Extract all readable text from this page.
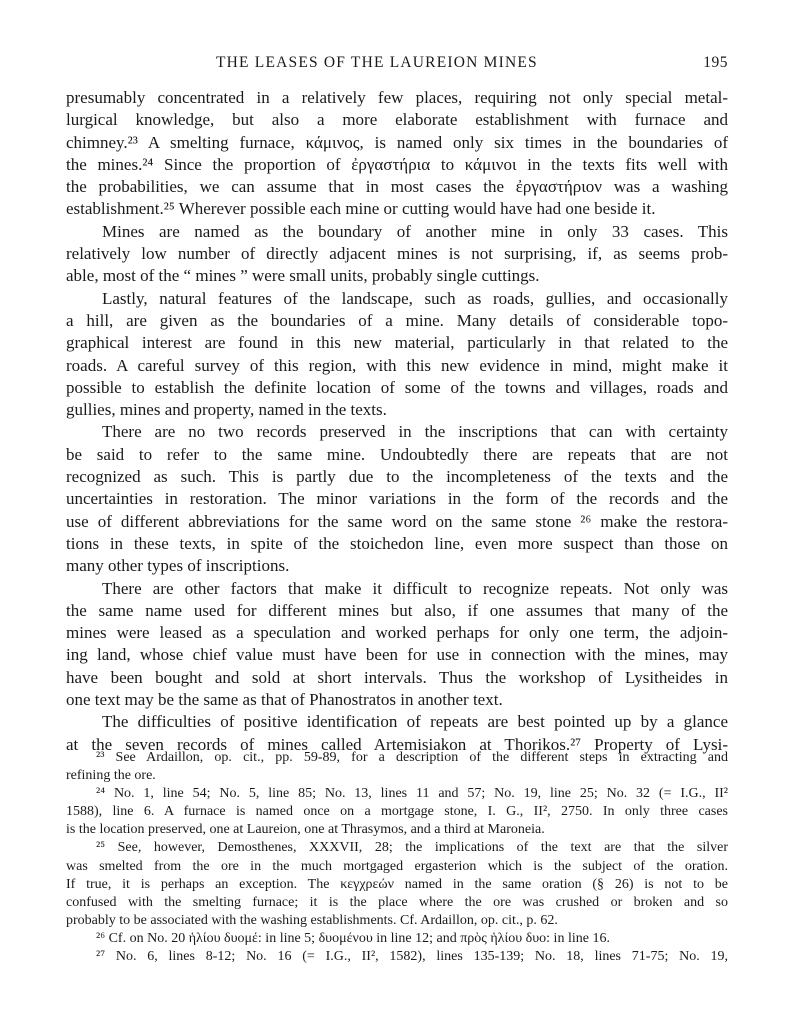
THE LEASES OF THE LAUREION MINES	195
presumably concentrated in a relatively few places, requiring not only special metal-
lurgical knowledge, but also a more elaborate establishment with furnace and
chimney.²³ A smelting furnace, κάμινος, is named only six times in the boundaries of
the mines.²⁴ Since the proportion of ἐργαστήρια to κάμινοι in the texts fits well with
the probabilities, we can assume that in most cases the ἐργαστήριον was a washing
establishment.²⁵ Wherever possible each mine or cutting would have had one beside it.
Mines are named as the boundary of another mine in only 33 cases. This
relatively low number of directly adjacent mines is not surprising, if, as seems prob-
able, most of the “ mines ” were small units, probably single cuttings.
Lastly, natural features of the landscape, such as roads, gullies, and occasionally
a hill, are given as the boundaries of a mine. Many details of considerable topo-
graphical interest are found in this new material, particularly in that related to the
roads. A careful survey of this region, with this new evidence in mind, might make it
possible to establish the definite location of some of the towns and villages, roads and
gullies, mines and property, named in the texts.
There are no two records preserved in the inscriptions that can with certainty
be said to refer to the same mine. Undoubtedly there are repeats that are not
recognized as such. This is partly due to the incompleteness of the texts and the
uncertainties in restoration. The minor variations in the form of the records and the
use of different abbreviations for the same word on the same stone ²⁶ make the restora-
tions in these texts, in spite of the stoichedon line, even more suspect than those on
many other types of inscriptions.
There are other factors that make it difficult to recognize repeats. Not only was
the same name used for different mines but also, if one assumes that many of the
mines were leased as a speculation and worked perhaps for only one term, the adjoin-
ing land, whose chief value must have been for use in connection with the mines, may
have been bought and sold at short intervals. Thus the workshop of Lysitheides in
one text may be the same as that of Phanostratos in another text.
The difficulties of positive identification of repeats are best pointed up by a glance
at the seven records of mines called Artemisiakon at Thorikos.²⁷ Property of Lysi-
²³ See Ardaillon, op. cit., pp. 59-89, for a description of the different steps in extracting and
refining the ore.
²⁴ No. 1, line 54; No. 5, line 85; No. 13, lines 11 and 57; No. 19, line 25; No. 32 (= I.G., II²
1588), line 6. A furnace is named once on a mortgage stone, I. G., II², 2750. In only three cases
is the location preserved, one at Laureion, one at Thrasymos, and a third at Maroneia.
²⁵ See, however, Demosthenes, XXXVII, 28; the implications of the text are that the silver
was smelted from the ore in the much mortgaged ergasterion which is the subject of the oration.
If true, it is perhaps an exception. The κεγχρεών named in the same oration (§ 26) is not to be
confused with the smelting furnace; it is the place where the ore was crushed or broken and so
probably to be associated with the washing establishments. Cf. Ardaillon, op. cit., p. 62.
²⁶ Cf. on No. 20 ἡλίου δυομέ: in line 5; δυομένου in line 12; and πρὸς ἡλίου δυο: in line 16.
²⁷ No. 6, lines 8-12; No. 16 (= I.G., II², 1582), lines 135-139; No. 18, lines 71-75; No. 19,
